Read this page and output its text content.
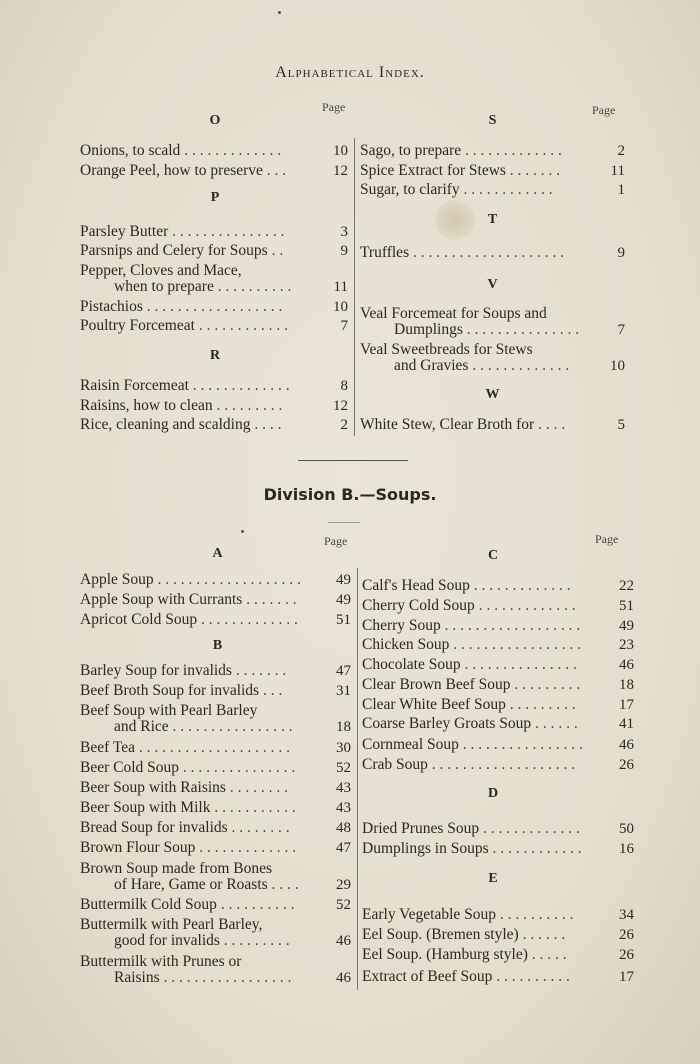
Alphabetical Index.
Page	Page
O
Onions, to scald . . . . . . . . . . . . .	10
Orange Peel, how to preserve . . .	12
P
Parsley Butter . . . . . . . . . . . . . . .	3
Parsnips and Celery for Soups . .	9
Pepper, Cloves and Mace,
when to prepare . . . . . . . . . .	11
Pistachios . . . . . . . . . . . . . . . . . .	10
Poultry Forcemeat . . . . . . . . . . . .	7
R
Raisin Forcemeat . . . . . . . . . . . . .	8
Raisins, how to clean . . . . . . . . .	12
Rice, cleaning and scalding . . . .	2
S
Sago, to prepare . . . . . . . . . . . . .	2
Spice Extract for Stews . . . . . . .	11
Sugar, to clarify . . . . . . . . . . . .	1
T
Truffles . . . . . . . . . . . . . . . . . . . .	9
V
Veal Forcemeat for Soups and
Dumplings . . . . . . . . . . . . . . .	7
Veal Sweetbreads for Stews
and Gravies . . . . . . . . . . . . .	10
W
White Stew, Clear Broth for . . . .	5
Division B.—Soups.
Page	Page
A
Apple Soup . . . . . . . . . . . . . . . . . . .	49
Apple Soup with Currants . . . . . . .	49
Apricot Cold Soup . . . . . . . . . . . . .	51
B
Barley Soup for invalids . . . . . . .	47
Beef Broth Soup for invalids . . .	31
Beef Soup with Pearl Barley
and Rice . . . . . . . . . . . . . . . .	18
Beef Tea . . . . . . . . . . . . . . . . . . . .	30
Beer Cold Soup . . . . . . . . . . . . . . .	52
Beer Soup with Raisins . . . . . . . .	43
Beer Soup with Milk . . . . . . . . . . .	43
Bread Soup for invalids . . . . . . . .	48
Brown Flour Soup . . . . . . . . . . . . .	47
Brown Soup made from Bones
of Hare, Game or Roasts . . . .	29
Buttermilk Cold Soup . . . . . . . . . .	52
Buttermilk with Pearl Barley,
good for invalids . . . . . . . . .	46
Buttermilk with Prunes or
Raisins . . . . . . . . . . . . . . . . .	46
C
Calf's Head Soup . . . . . . . . . . . . .	22
Cherry Cold Soup . . . . . . . . . . . . .	51
Cherry Soup . . . . . . . . . . . . . . . . . .	49
Chicken Soup . . . . . . . . . . . . . . . . .	23
Chocolate Soup . . . . . . . . . . . . . . .	46
Clear Brown Beef Soup . . . . . . . . .	18
Clear White Beef Soup . . . . . . . . .	17
Coarse Barley Groats Soup . . . . . .	41
Cornmeal Soup . . . . . . . . . . . . . . . .	46
Crab Soup . . . . . . . . . . . . . . . . . . .	26
D
Dried Prunes Soup . . . . . . . . . . . . .	50
Dumplings in Soups . . . . . . . . . . . .	16
E
Early Vegetable Soup . . . . . . . . . .	34
Eel Soup. (Bremen style) . . . . . .	26
Eel Soup. (Hamburg style) . . . . .	26
Extract of Beef Soup . . . . . . . . . .	17
